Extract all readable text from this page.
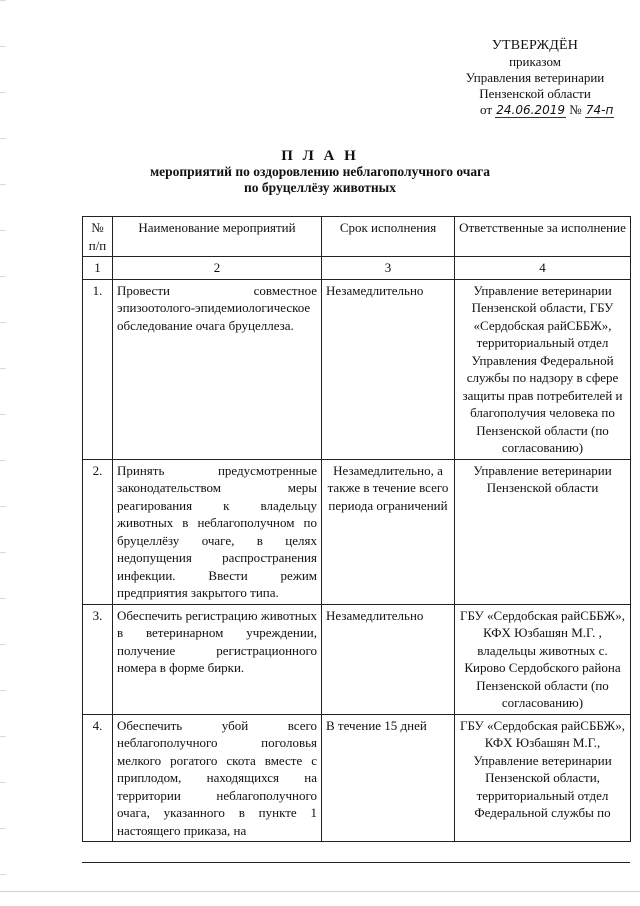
УТВЕРЖДЁН
приказом
Управления ветеринарии
Пензенской области
от 24.06.2019 № 74-п
П Л А Н
мероприятий по оздоровлению неблагополучного очага
по бруцеллёзу животных
№ п/п	Наименование мероприятий	Срок исполнения	Ответственные за исполнение
1	2	3	4
1.	Провести совместное эпизоотолого-эпидемиологическое обследование очага бруцеллеза.	Незамедлительно	Управление ветеринарии Пензенской области, ГБУ «Сердобская райСББЖ», территориальный отдел Управления Федеральной службы по надзору в сфере защиты прав потребителей и благополучия человека по Пензенской области (по согласованию)
2.	Принять предусмотренные законодательством меры реагирования к владельцу животных в неблагополучном по бруцеллёзу очаге, в целях недопущения распространения инфекции. Ввести режим предприятия закрытого типа.	Незамедлительно, а также в течение всего периода ограничений	Управление ветеринарии Пензенской области
3.	Обеспечить регистрацию животных в ветеринарном учреждении, получение регистрационного номера в форме бирки.	Незамедлительно	ГБУ «Сердобская райСББЖ», КФХ Юзбашян М.Г. , владельцы животных с. Кирово Сердобского района Пензенской области (по согласованию)
4.	Обеспечить убой всего неблагополучного поголовья мелкого рогатого скота вместе с приплодом, находящихся на территории неблагополучного очага, указанного в пункте 1 настоящего приказа, на	В течение 15 дней	ГБУ «Сердобская райСББЖ», КФХ Юзбашян М.Г., Управление ветеринарии Пензенской области, территориальный отдел Федеральной службы по
